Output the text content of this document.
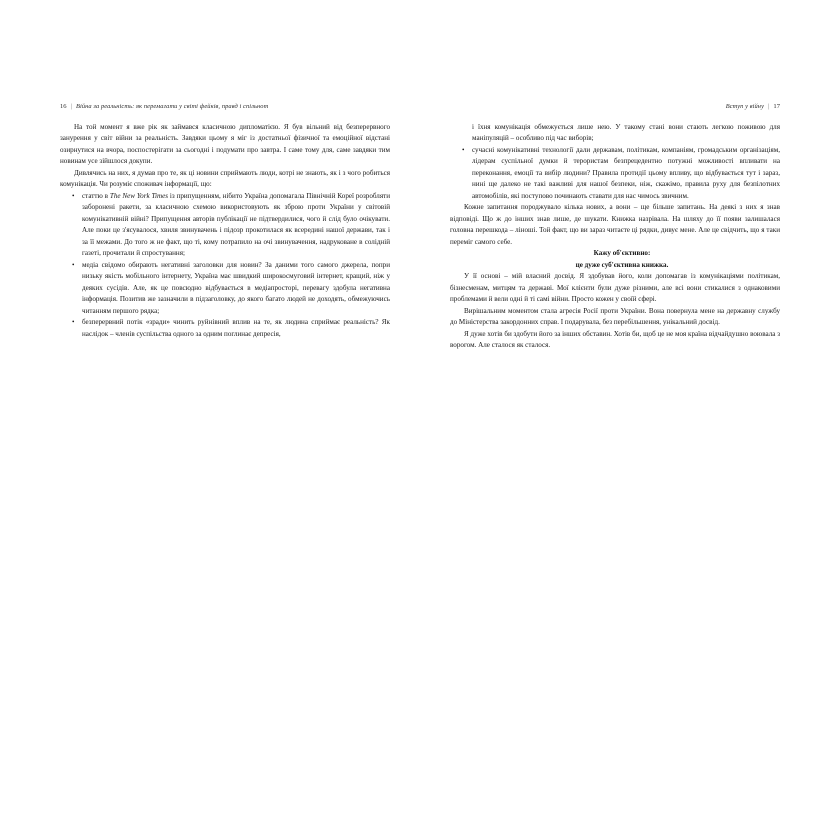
16 | Війна за реальність: як перемагати у світі фейків, правд і спільнот

На той момент я вже рік як займався класичною дипломатією. Я був вільний від безперервного занурення у світ війни за реальність. Завдяки цьому я міг із достатньої фізичної та емоційної відстані озирнутися на вчора, поспостерігати за сьогодні і подумати про завтра. І саме тому для, саме завдяки тим новинам усе зійшлося докупи.

Дивлячись на них, я думав про те, як ці новини сприймають люди, котрі не знають, як і з чого робиться комунікація. Чи розуміє споживач інформації, що:

• статтю в The New York Times із припущенням, нібито Україна допомагала Північній Кореї розробляти заборонені ракети, за класичною схемою використовують як зброю проти України у світовій комунікативній війні? Припущення авторів публікації не підтвердилися, чого й слід було очікувати. Але поки це з'ясувалося, хвиля звинувачень і підозр прокотилася як всередині нашої держави, так і за її межами. До того ж не факт, що ті, кому потрапило на очі звинувачення, надруковане в солідній газеті, прочитали й спростування;
• медіа свідомо обирають негативні заголовки для новин? За даними того самого джерела, попри низьку якість мобільного інтернету, Україна має швидкий широкосмуговий інтернет, кращий, ніж у деяких сусідів. Але, як це повсюдно відбувається в медіапросторі, перевагу здобула негативна інформація. Позитив же зазначили в підзаголовку, до якого багато людей не доходять, обмежуючись читанням першого рядка;
• безперервний потік «зради» чинить руйнівний вплив на те, як людина сприймає реальність? Як наслідок – членів суспільства одного за одним поглинає депресія,
Вступ у війну | 17
і їхня комунікація обмежується лише нею. У такому стані вони стають легкою поживою для маніпуляцій – особливо під час виборів;
• сучасні комунікативні технології дали державам, політикам, компаніям, громадським організаціям, лідерам суспільної думки й терористам безпрецедентно потужні можливості впливати на переконання, емоції та вибір людини? Правила протидії цьому впливу, що відбувається тут і зараз, нині ще далеко не такі важливі для нашої безпеки, ніж, скажімо, правила руху для безпілотних автомобілів, які поступово починають ставати для нас чимось звичним.

Кожне запитання породжувало кілька нових, а вони – ще більше запитань. На деякі з них я знав відповіді. Що ж до інших знав лише, де шукати. Книжка назрівала. На шляху до її появи залишалася головна перешкода – ліноші. Той факт, що ви зараз читаєте ці рядки, дивує мене. Але це свідчить, що я таки переміг самого себе.

Кажу об'єктивно:

це дуже суб'єктивна книжка.

У її основі – мій власний досвід. Я здобував його, коли допомагав із комунікаціями політикам, бізнесменам, митцям та державі. Мої клієнти були дуже різними, але всі вони стикалися з однаковими проблемами й вели одні й ті самі війни. Просто кожен у своїй сфері.

Вирішальним моментом стала агресія Росії проти України. Вона повернула мене на державну службу до Міністерства закордонних справ. І подарувала, без перебільшення, унікальний досвід.

Я дуже хотів би здобути його за інших обставин. Хотів би, щоб це не моя країна відчайдушно воювала з ворогом. Але сталося як сталося.
